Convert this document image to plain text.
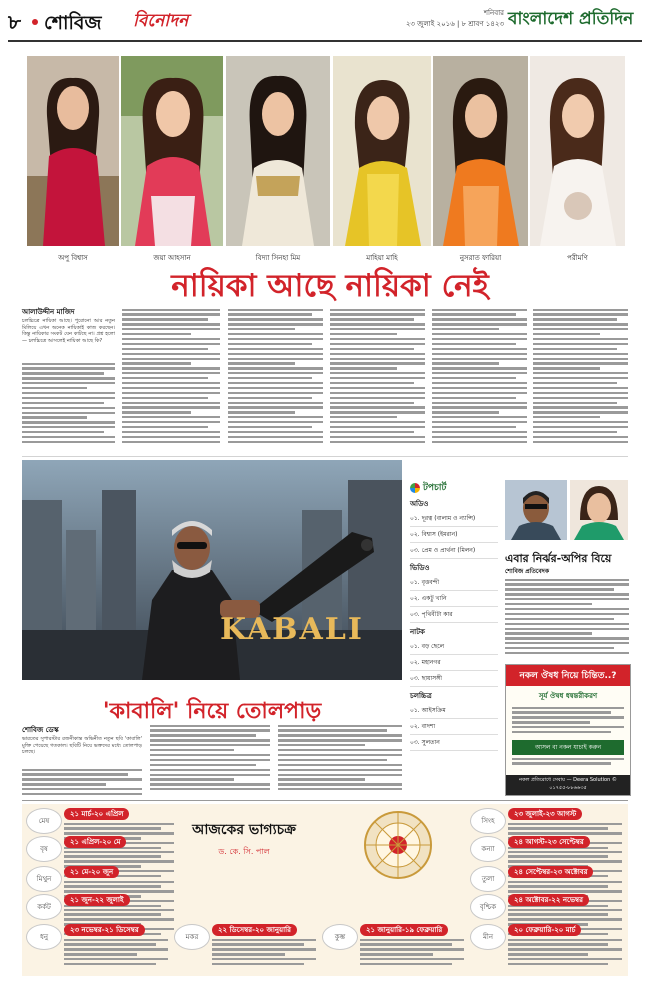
৮ শোবিজ বিনোদন	শনিবার
২৩ জুলাই ২০১৬ | ৮ শ্রাবণ ১৪২৩ বাংলাদেশ প্রতিদিন
অপু বিশ্বাস	জয়া আহসান	বিদ্যা সিনহা মিম	মাহিয়া মাহি	নুসরাত ফারিয়া	পরীমণি
নায়িকা আছে নায়িকা নেই
আলাউদ্দীন মাজিদ
চলচ্চিত্রে নায়িকা আছে। পুরোনো আর নতুন মিলিয়ে এখন অনেক নায়িকাই কাজ করছেন। কিন্তু নায়িকার সংকট যেন কাটছে না। প্রশ্ন হলো— চলচ্চিত্রে আসলেই নায়িকা আছে কি?
KABALI
'কাবালি' নিয়ে তোলপাড়
শোবিজ ডেস্ক
ভারতের সুপারস্টার রজনীকান্ত অভিনীত নতুন ছবি 'কাবালি' মুক্তি পেয়েছে গতকাল। ছবিটি নিয়ে ভক্তদের মধ্যে তোলপাড় চলছে।
টপচার্ট
অডিও
০১. দূরত্ব (বালাম ও ন্যান্সি)
০২. বিশ্বাস (ইমরান)
০৩. প্রেম ও প্রার্থনা (মিলন)
ভিডিও
০১. বৃত্তবন্দী
০২. একটু খানি
০৩. পৃথিবীটা কার
নাটক
০১. বড় ছেলে
০২. মহানগর
০৩. ছায়াসঙ্গী
চলচ্চিত্র
০১. আইসক্রিম
০২. বাদশা
০৩. সুলতান
এবার নির্ঝর-অপির বিয়ে
শোবিজ প্রতিবেদক
নকল ঔষধ নিয়ে চিন্তিত..?
সূর্য ঔষধ ধন্বন্তরীকরণ
আসল বা নকল যাচাই করুন
নকল প্রতিরোধে সেবায় — Deera Solution © ০১৭৫৫-৮৮৬৬৩৫
আজকের ভাগ্যচক্র
ড. কে. সি. পাল
মেষ
২১ মার্চ-২০ এপ্রিল
বৃষ
২১ এপ্রিল-২০ মে
মিথুন
২১ মে-২০ জুন
কর্কট
২১ জুন-২২ জুলাই
সিংহ
২৩ জুলাই-২৩ আগস্ট
কন্যা
২৪ আগস্ট-২৩ সেপ্টেম্বর
তুলা
২৪ সেপ্টেম্বর-২৩ অক্টোবর
বৃশ্চিক
২৪ অক্টোবর-২২ নভেম্বর
ধনু
২৩ নভেম্বর-২১ ডিসেম্বর
মকর
২২ ডিসেম্বর-২০ জানুয়ারি
কুম্ভ
২১ জানুয়ারি-১৯ ফেব্রুয়ারি
মীন
২০ ফেব্রুয়ারি-২০ মার্চ
